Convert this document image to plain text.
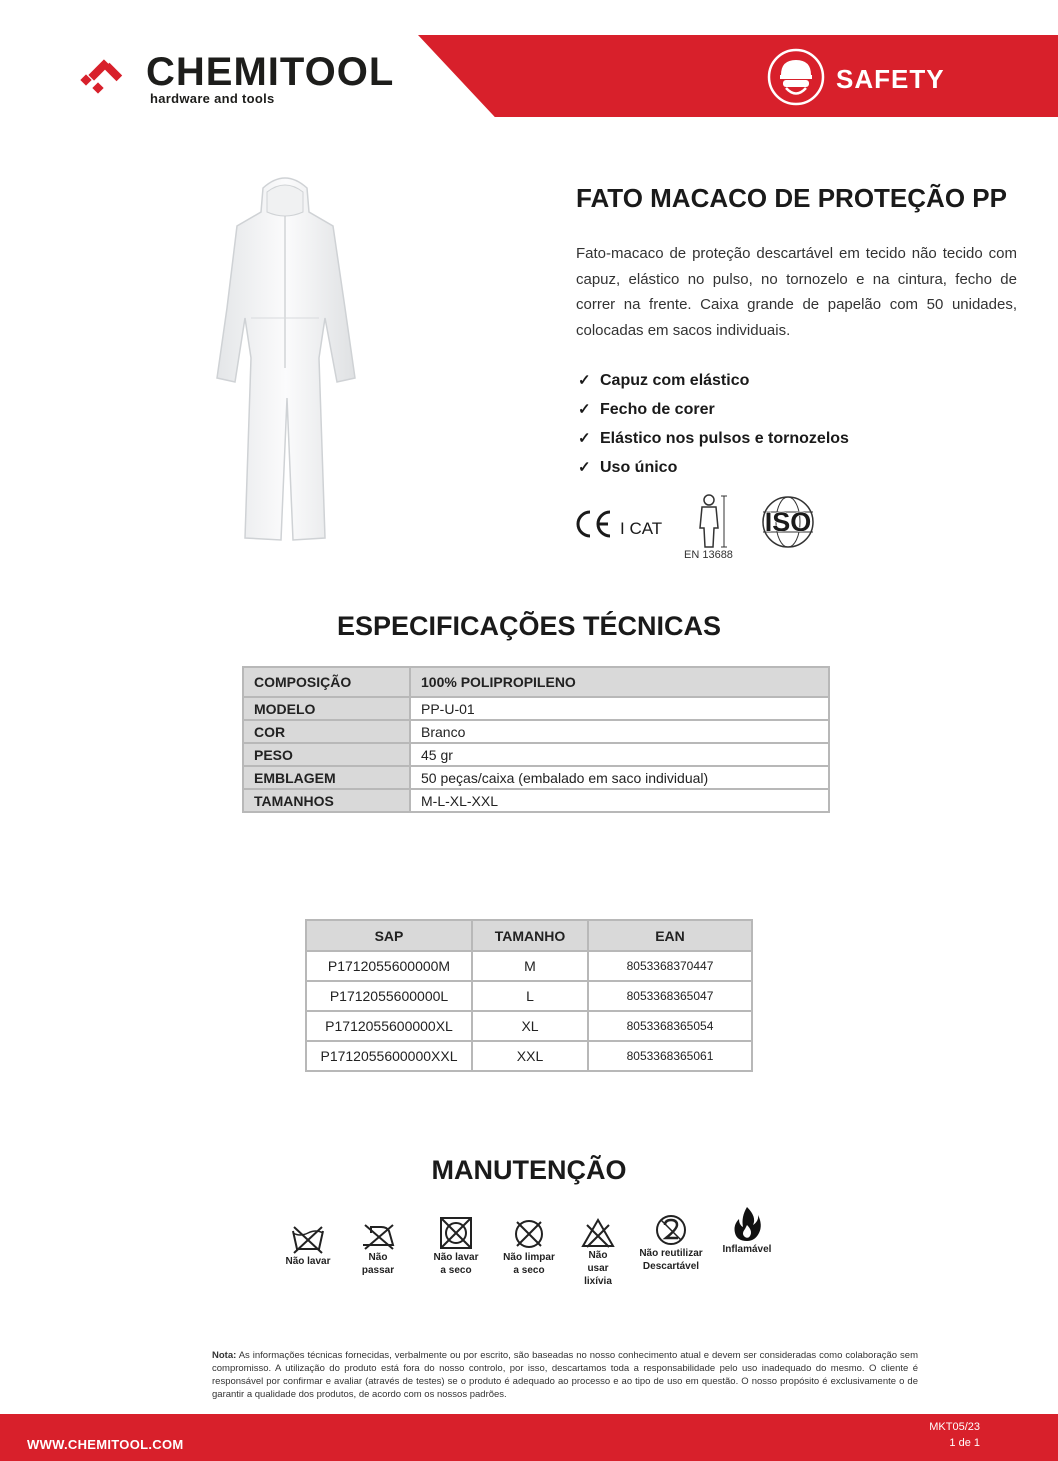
CHEMITOOL
hardware and tools
SAFETY
FATO MACACO DE PROTEÇÃO PP
Fato-macaco de proteção descartável em tecido não tecido com capuz, elástico no pulso, no tornozelo e na cintura, fecho de correr na frente. Caixa grande de papelão com 50 unidades, colocadas em sacos individuais.
✓ Capuz com elástico
✓ Fecho de corer
✓ Elástico nos pulsos e tornozelos
✓ Uso único
I CAT
EN 13688
ISO
ESPECIFICAÇÕES TÉCNICAS
COMPOSIÇÃO	100% POLIPROPILENO
MODELO	PP-U-01
COR	Branco
PESO	45 gr
EMBLAGEM	50 peças/caixa (embalado em saco individual)
TAMANHOS	M-L-XL-XXL
SAP	TAMANHO	EAN
P1712055600000M	M	8053368370447
P1712055600000L	L	8053368365047
P1712055600000XL	XL	8053368365054
P1712055600000XXL	XXL	8053368365061
MANUTENÇÃO
Não lavar	Não
passar
Não lavar
a seco
Não limpar
a seco
Não
usar
lixívia
Não reutilizar
Descartável
Inflamável
Nota: As informações técnicas fornecidas, verbalmente ou por escrito, são baseadas no nosso conhecimento atual e devem ser consideradas como colaboração sem compromisso. A utilização do produto está fora do nosso controlo, por isso, descartamos toda a responsabilidade pelo uso inadequado do mesmo. O cliente é responsável por confirmar e avaliar (através de testes) se o produto é adequado ao processo e ao tipo de uso em questão. O nosso propósito é exclusivamente o de garantir a qualidade dos produtos, de acordo com os nossos padrões.
WWW.CHEMITOOL.COM
MKT05/23
1 de 1
